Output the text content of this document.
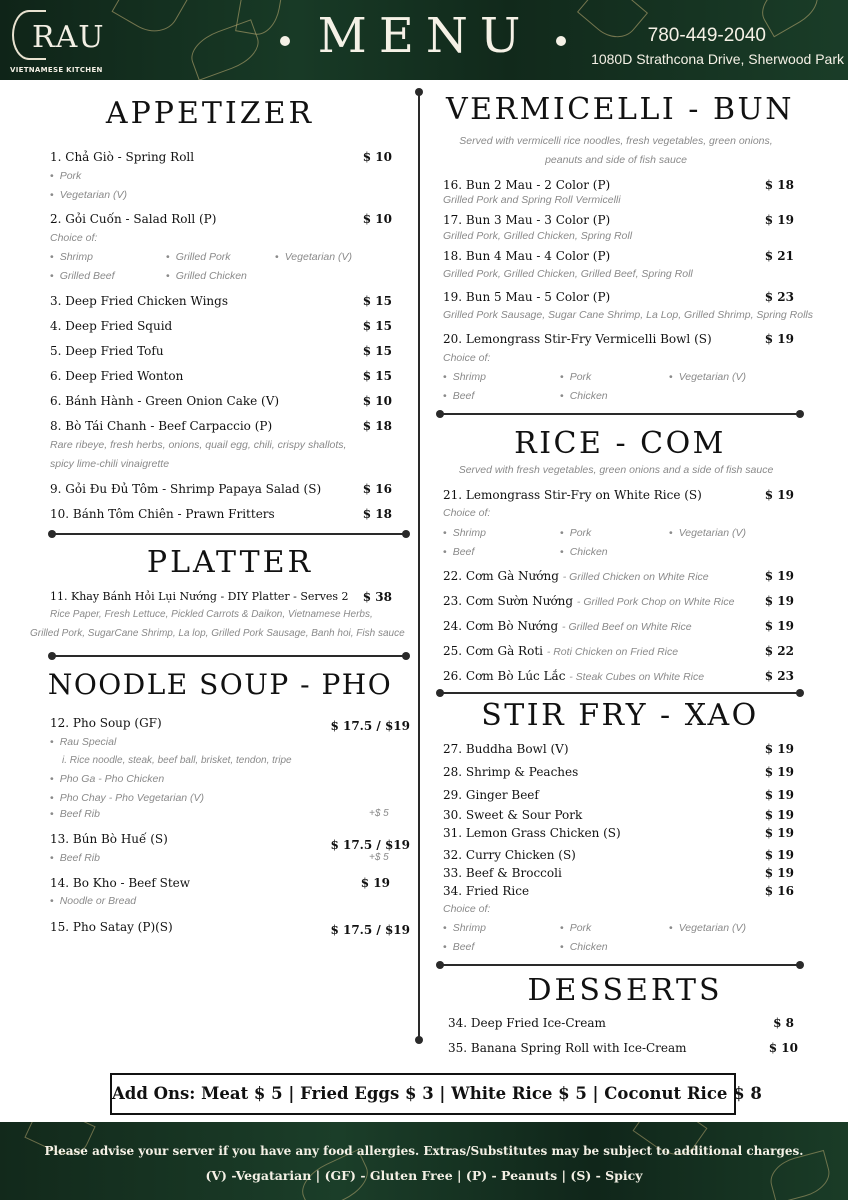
RAU
VIETNAMESE KITCHEN
MENU	780-449-2040
1080D Strathcona Drive, Sherwood Park
APPETIZER
1. Chả Giò - Spring Roll	$ 10
• Pork
• Vegetarian (V)
2. Gỏi Cuốn - Salad Roll (P)	$ 10
Choice of:
• Shrimp	• Grilled Pork	• Vegetarian (V)
• Grilled Beef	• Grilled Chicken
3. Deep Fried Chicken Wings	$ 15
4. Deep Fried Squid	$ 15
5. Deep Fried Tofu	$ 15
6. Deep Fried Wonton	$ 15
6. Bánh Hành - Green Onion Cake (V)	$ 10
8. Bò Tái Chanh - Beef Carpaccio (P)	$ 18
Rare ribeye, fresh herbs, onions, quail egg, chili, crispy shallots,
spicy lime-chili vinaigrette
9. Gỏi Đu Đủ Tôm - Shrimp Papaya Salad (S)	$ 16
10. Bánh Tôm Chiên - Prawn Fritters	$ 18
PLATTER
11. Khay Bánh Hỏi Lụi Nướng - DIY Platter - Serves 2	$ 38
Rice Paper, Fresh Lettuce, Pickled Carrots & Daikon, Vietnamese Herbs,
Grilled Pork, SugarCane Shrimp, La lop, Grilled Pork Sausage, Banh hoi, Fish sauce
NOODLE SOUP - PHO
12. Pho Soup (GF)	$ 17.5 / $19
• Rau Special
i. Rice noodle, steak, beef ball, brisket, tendon, tripe
• Pho Ga - Pho Chicken
• Pho Chay - Pho Vegetarian (V)
• Beef Rib	+$ 5
13. Bún Bò Huế (S)	$ 17.5 / $19
• Beef Rib	+$ 5
14. Bo Kho - Beef Stew	$ 19
• Noodle or Bread
15. Pho Satay (P)(S)	$ 17.5 / $19
VERMICELLI - BUN
Served with vermicelli rice noodles, fresh vegetables, green onions,
peanuts and side of fish sauce
16. Bun 2 Mau - 2 Color (P)	$ 18
Grilled Pork and Spring Roll Vermicelli
17. Bun 3 Mau - 3 Color (P)	$ 19
Grilled Pork, Grilled Chicken, Spring Roll
18. Bun 4 Mau - 4 Color (P)	$ 21
Grilled Pork, Grilled Chicken, Grilled Beef, Spring Roll
19. Bun 5 Mau - 5 Color (P)	$ 23
Grilled Pork Sausage, Sugar Cane Shrimp, La Lop, Grilled Shrimp, Spring Rolls
20. Lemongrass Stir-Fry Vermicelli Bowl (S)	$ 19
Choice of:
• Shrimp	• Pork	• Vegetarian (V)
• Beef	• Chicken
RICE - COM
Served with fresh vegetables, green onions and a side of fish sauce
21. Lemongrass Stir-Fry on White Rice (S)	$ 19
Choice of:
• Shrimp	• Pork	• Vegetarian (V)
• Beef	• Chicken
22. Cơm Gà Nướng - Grilled Chicken on White Rice	$ 19
23. Cơm Sườn Nướng - Grilled Pork Chop on White Rice	$ 19
24. Cơm Bò Nướng - Grilled Beef on White Rice	$ 19
25. Cơm Gà Roti - Roti Chicken on Fried Rice	$ 22
26. Cơm Bò Lúc Lắc - Steak Cubes on White Rice	$ 23
STIR FRY - XAO
27. Buddha Bowl (V)	$ 19
28. Shrimp & Peaches	$ 19
29. Ginger Beef	$ 19
30. Sweet & Sour Pork	$ 19
31. Lemon Grass Chicken (S)	$ 19
32. Curry Chicken (S)	$ 19
33. Beef & Broccoli	$ 19
34. Fried Rice	$ 16
Choice of:
• Shrimp	• Pork	• Vegetarian (V)
• Beef	• Chicken
DESSERTS
34. Deep Fried Ice-Cream	$ 8
35. Banana Spring Roll with Ice-Cream	$ 10
Add Ons: Meat $ 5 | Fried Eggs $ 3 | White Rice $ 5 | Coconut Rice $ 8
Please advise your server if you have any food allergies. Extras/Substitutes may be subject to additional charges.
(V) -Vegatarian | (GF) - Gluten Free | (P) - Peanuts | (S) - Spicy
